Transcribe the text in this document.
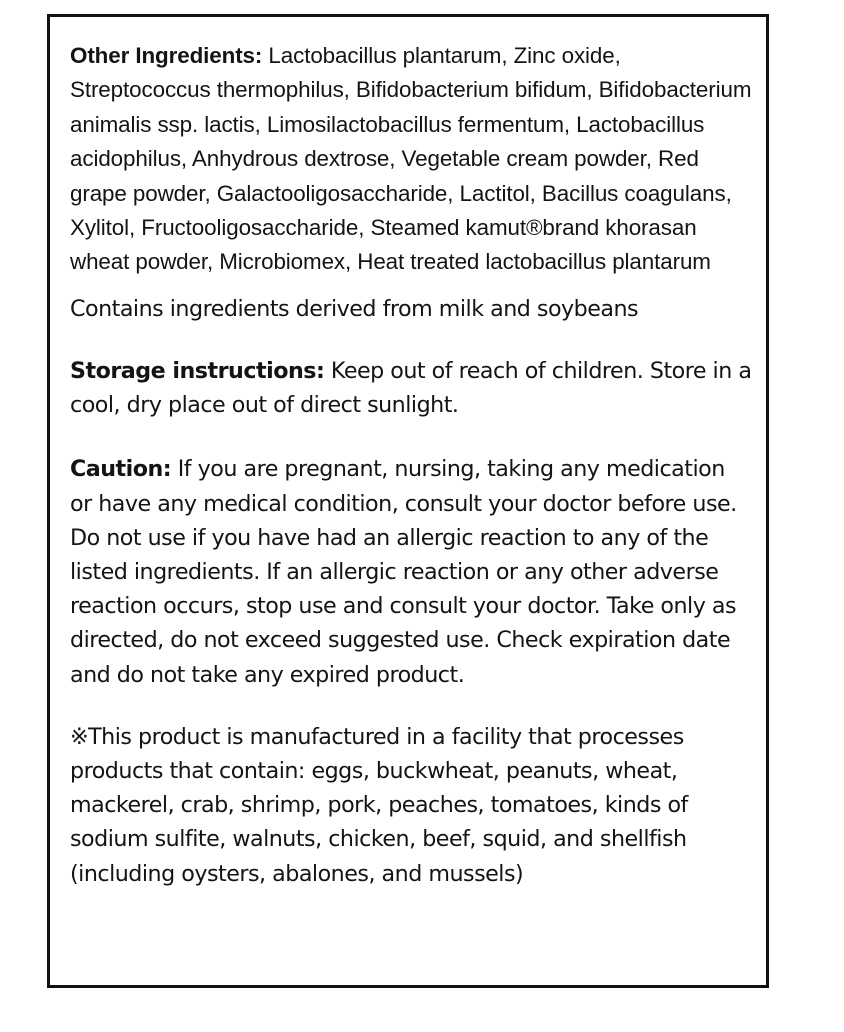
Other Ingredients: Lactobacillus plantarum, Zinc oxide, Streptococcus thermophilus, Bifidobacterium bifidum, Bifidobacterium animalis ssp. lactis, Limosilactobacillus fermentum, Lactobacillus acidophilus, Anhydrous dextrose, Vegetable cream powder, Red grape powder, Galactooligosaccharide, Lactitol, Bacillus coagulans, Xylitol, Fructooligosaccharide, Steamed kamut®brand khorasan wheat powder, Microbiomex, Heat treated lactobacillus plantarum

Contains ingredients derived from milk and soybeans

Storage instructions: Keep out of reach of children. Store in a cool, dry place out of direct sunlight.

Caution: If you are pregnant, nursing, taking any medication or have any medical condition, consult your doctor before use. Do not use if you have had an allergic reaction to any of the listed ingredients. If an allergic reaction or any other adverse reaction occurs, stop use and consult your doctor. Take only as directed, do not exceed suggested use. Check expiration date and do not take any expired product.

※This product is manufactured in a facility that processes products that contain: eggs, buckwheat, peanuts, wheat, mackerel, crab, shrimp, pork, peaches, tomatoes, kinds of sodium sulfite, walnuts, chicken, beef, squid, and shellfish (including oysters, abalones, and mussels)
